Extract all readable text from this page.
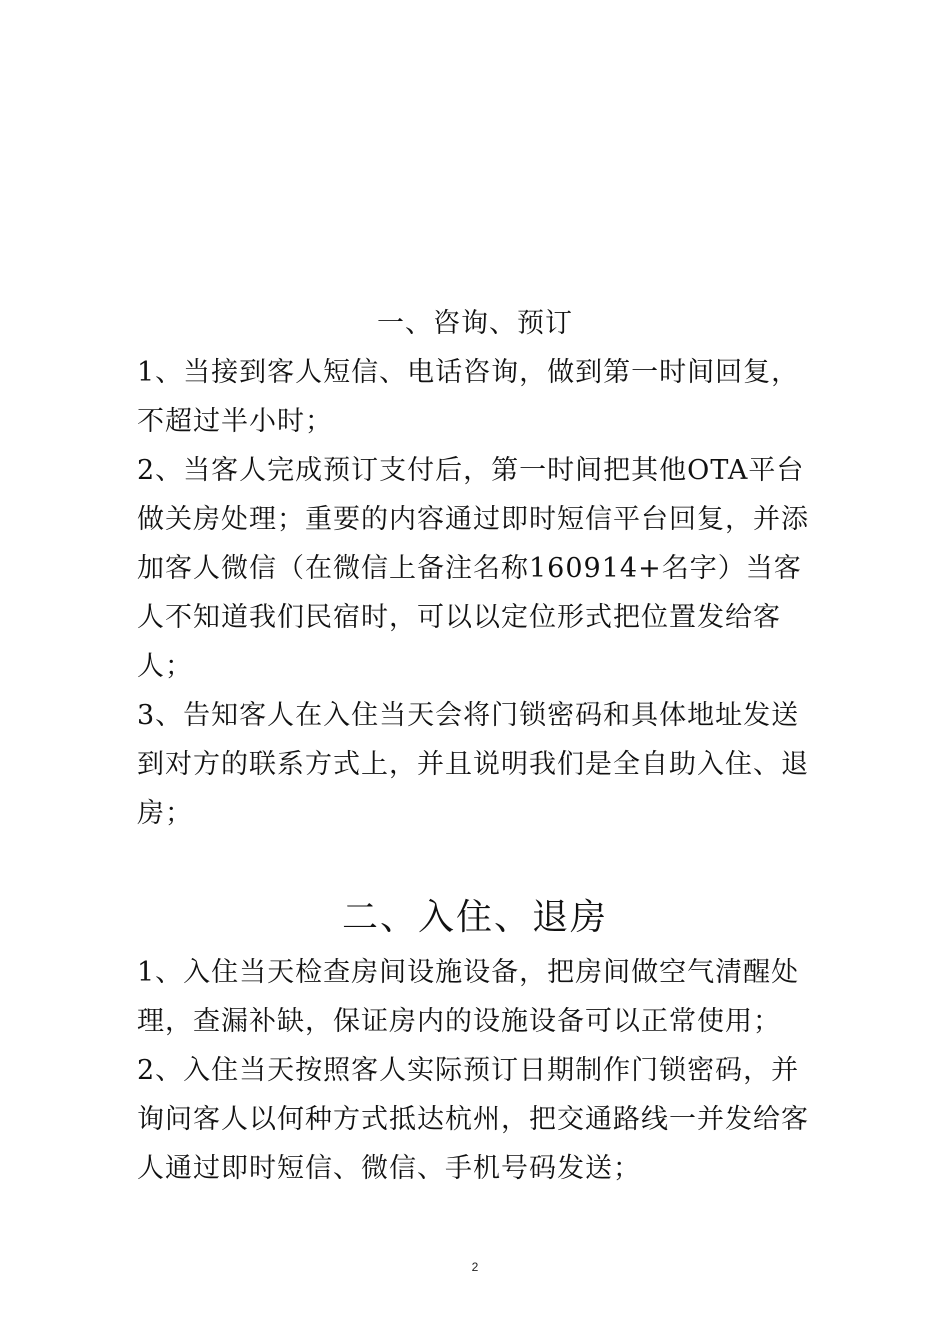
一、咨询、预订

1、当接到客人短信、电话咨询，做到第一时间回复，不超过半小时；

2、当客人完成预订支付后，第一时间把其他OTA平台做关房处理；重要的内容通过即时短信平台回复，并添加客人微信（在微信上备注名称160914+名字）当客人不知道我们民宿时，可以以定位形式把位置发给客人；

3、告知客人在入住当天会将门锁密码和具体地址发送到对方的联系方式上，并且说明我们是全自助入住、退房；

二、入住、退房

1、入住当天检查房间设施设备，把房间做空气清醒处理，查漏补缺，保证房内的设施设备可以正常使用；

2、入住当天按照客人实际预订日期制作门锁密码，并询问客人以何种方式抵达杭州，把交通路线一并发给客人通过即时短信、微信、手机号码发送；

2
